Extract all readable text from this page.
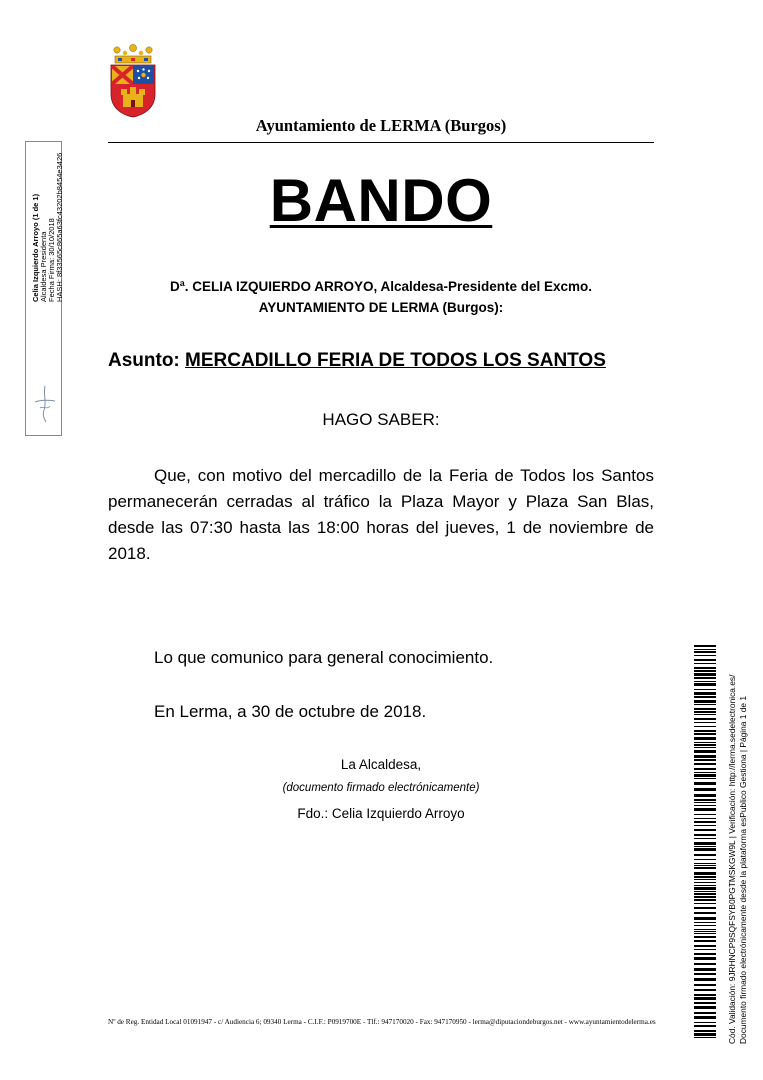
Ayuntamiento de LERMA (Burgos)
BANDO
Dª. CELIA IZQUIERDO ARROYO, Alcaldesa-Presidente del Excmo.
AYUNTAMIENTO DE LERMA (Burgos):
Asunto: MERCADILLO FERIA DE TODOS LOS SANTOS
HAGO SABER:
Que, con motivo del mercadillo de la Feria de Todos los Santos permanecerán cerradas al tráfico la Plaza Mayor y Plaza San Blas, desde las 07:30 hasta las 18:00 horas del jueves, 1 de noviembre de 2018.
Lo que comunico para general conocimiento.
En Lerma, a 30 de octubre de 2018.
La Alcaldesa,
(documento firmado electrónicamente)
Fdo.: Celia Izquierdo Arroyo
Nº de Reg. Entidad Local 01091947 - c/ Audiencia 6; 09340 Lerma - C.I.F.: P0919700E - Tlf.: 947170020 - Fax: 947170950 - lerma@diputaciondeburgos.net - www.ayuntamientodelerma.es
Celia Izquierdo Arroyo (1 de 1) Alcaldesa Presidenta Fecha Firma: 30/10/2018 HASH: 8f33565c865a63fc43202b8454e3426
Cód. Validación: 9JRHNCP9SQFSYB0PGTMSKGW9L | Verificación: http://lerma.sedelectronica.es/ Documento firmado electrónicamente desde la plataforma esPublico Gestiona | Página 1 de 1
